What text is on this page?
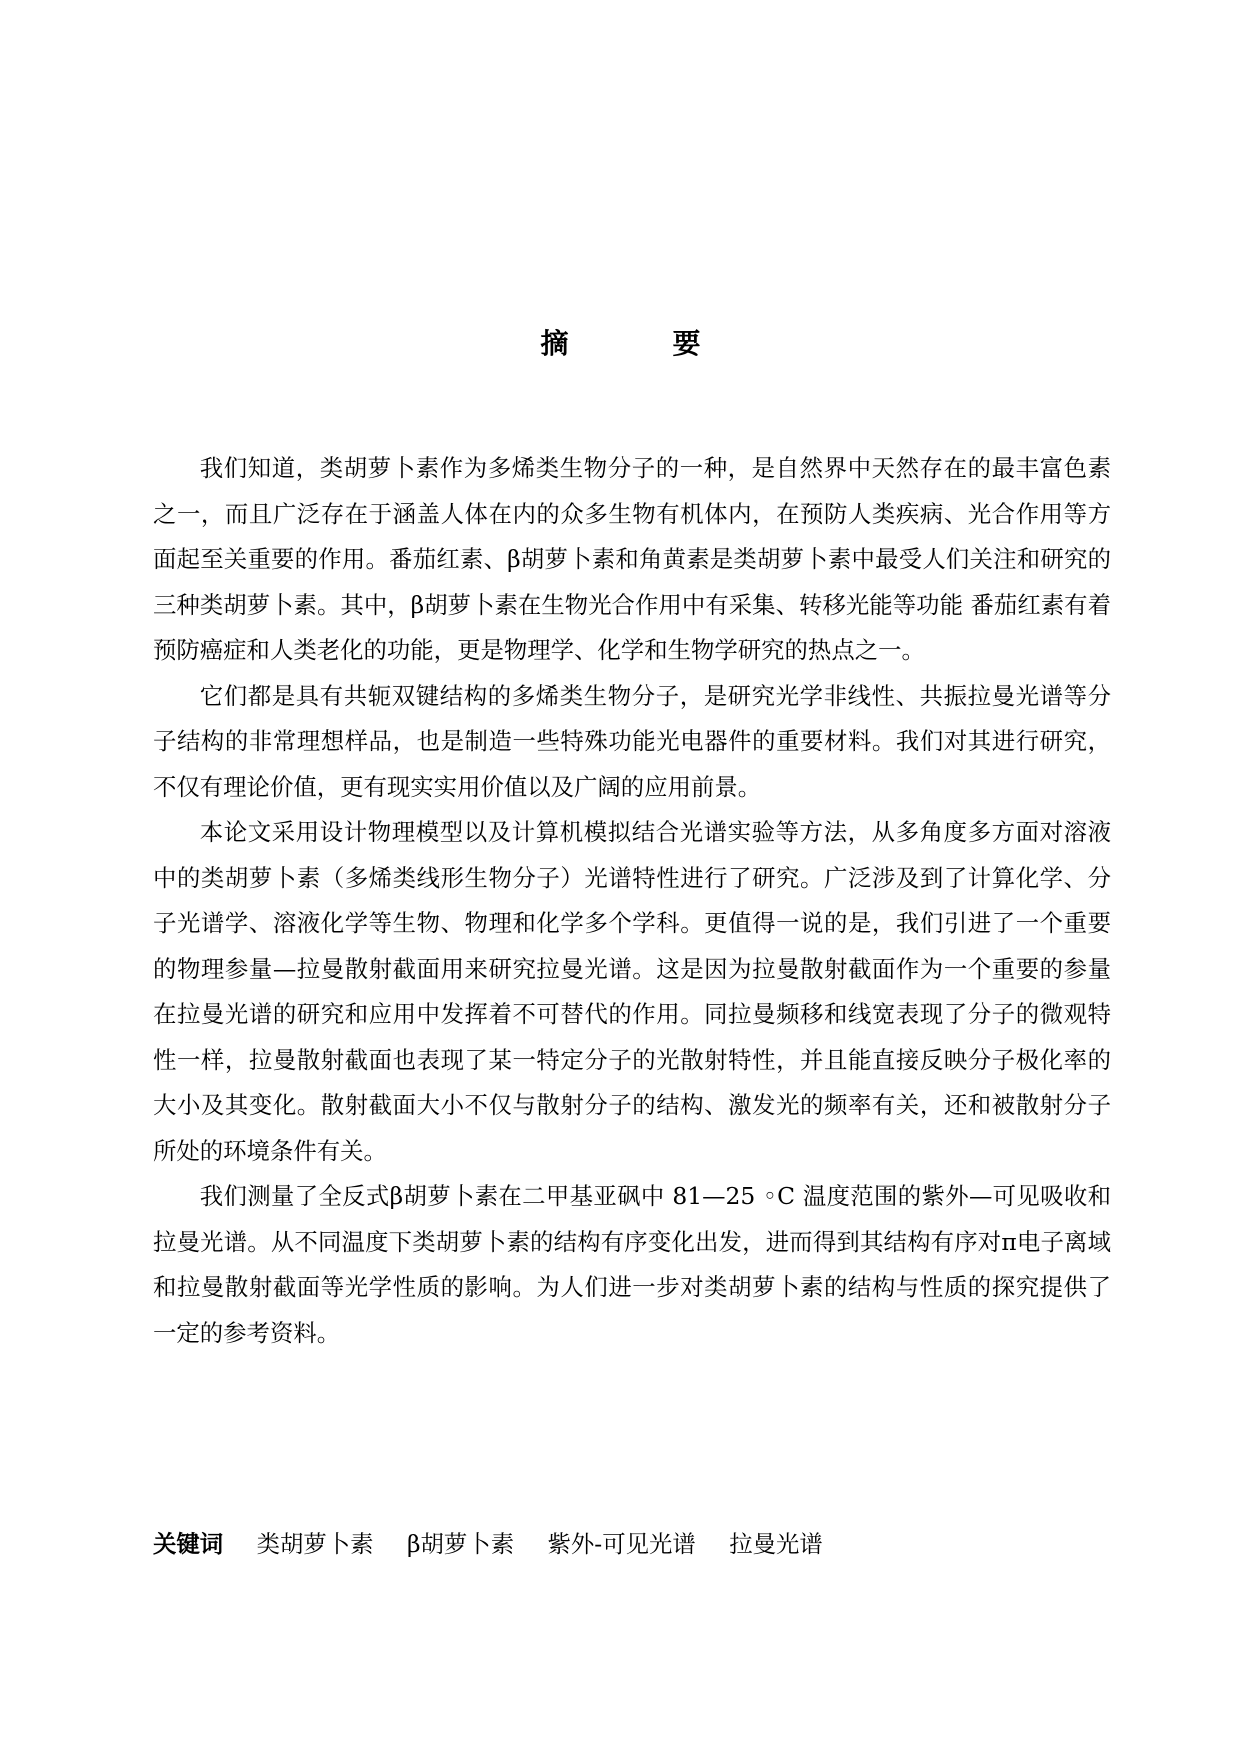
摘　要

我们知道，类胡萝卜素作为多烯类生物分子的一种，是自然界中天然存在的最丰富色素之一，而且广泛存在于涵盖人体在内的众多生物有机体内，在预防人类疾病、光合作用等方面起至关重要的作用。番茄红素、β胡萝卜素和角黄素是类胡萝卜素中最受人们关注和研究的三种类胡萝卜素。其中，β胡萝卜素在生物光合作用中有采集、转移光能等功能 番茄红素有着预防癌症和人类老化的功能，更是物理学、化学和生物学研究的热点之一。

它们都是具有共轭双键结构的多烯类生物分子，是研究光学非线性、共振拉曼光谱等分子结构的非常理想样品，也是制造一些特殊功能光电器件的重要材料。我们对其进行研究，不仅有理论价值，更有现实实用价值以及广阔的应用前景。

本论文采用设计物理模型以及计算机模拟结合光谱实验等方法，从多角度多方面对溶液中的类胡萝卜素（多烯类线形生物分子）光谱特性进行了研究。广泛涉及到了计算化学、分子光谱学、溶液化学等生物、物理和化学多个学科。更值得一说的是，我们引进了一个重要的物理参量—拉曼散射截面用来研究拉曼光谱。这是因为拉曼散射截面作为一个重要的参量在拉曼光谱的研究和应用中发挥着不可替代的作用。同拉曼频移和线宽表现了分子的微观特性一样，拉曼散射截面也表现了某一特定分子的光散射特性，并且能直接反映分子极化率的大小及其变化。散射截面大小不仅与散射分子的结构、激发光的频率有关，还和被散射分子所处的环境条件有关。

我们测量了全反式β胡萝卜素在二甲基亚砜中 81—25 ◦C 温度范围的紫外—可见吸收和拉曼光谱。从不同温度下类胡萝卜素的结构有序变化出发，进而得到其结构有序对π电子离域和拉曼散射截面等光学性质的影响。为人们进一步对类胡萝卜素的结构与性质的探究提供了一定的参考资料。

关键词 类胡萝卜素 β胡萝卜素 紫外-可见光谱 拉曼光谱
